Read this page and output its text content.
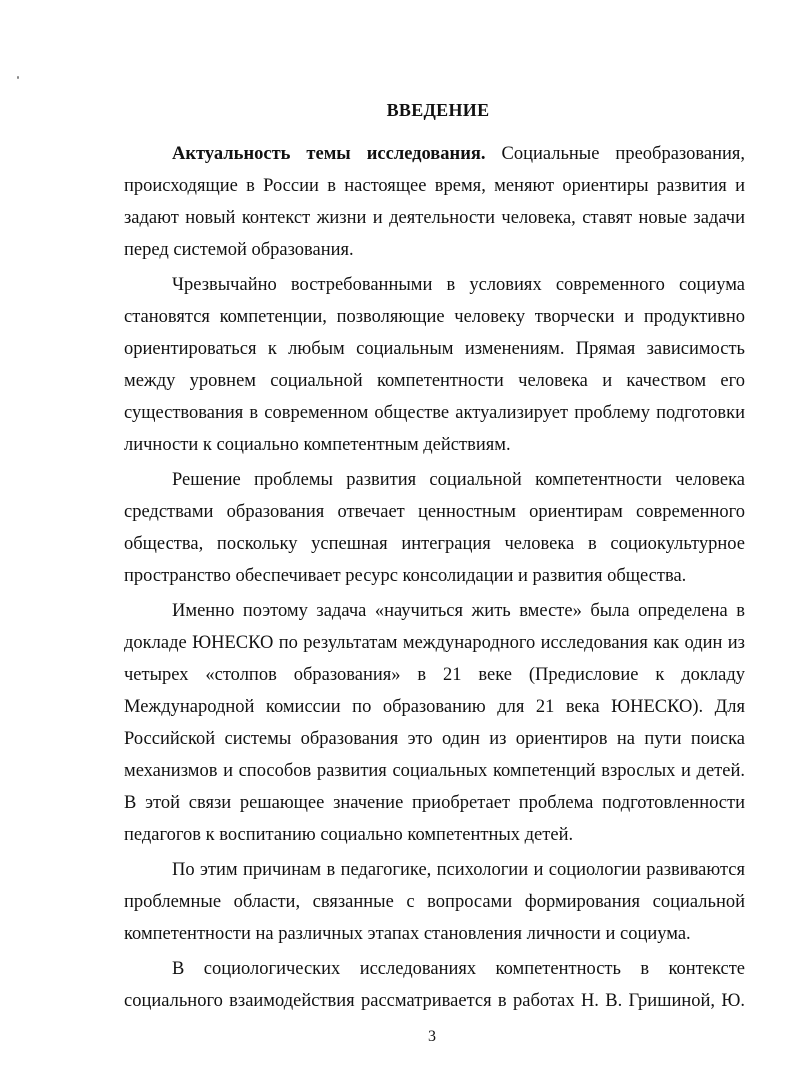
ВВЕДЕНИЕ

Актуальность темы исследования. Социальные преобразования, происходящие в России в настоящее время, меняют ориентиры развития и задают новый контекст жизни и деятельности человека, ставят новые задачи перед системой образования.

Чрезвычайно востребованными в условиях современного социума становятся компетенции, позволяющие человеку творчески и продуктивно ориентироваться к любым социальным изменениям. Прямая зависимость между уровнем социальной компетентности человека и качеством его существования в современном обществе актуализирует проблему подготовки личности к социально компетентным действиям.

Решение проблемы развития социальной компетентности человека средствами образования отвечает ценностным ориентирам современного общества, поскольку успешная интеграция человека в социокультурное пространство обеспечивает ресурс консолидации и развития общества.

Именно поэтому задача «научиться жить вместе» была определена в докладе ЮНЕСКО по результатам международного исследования как один из четырех «столпов образования» в 21 веке (Предисловие к докладу Международной комиссии по образованию для 21 века ЮНЕСКО). Для Российской системы образования это один из ориентиров на пути поиска механизмов и способов развития социальных компетенций взрослых и детей. В этой связи решающее значение приобретает проблема подготовленности педагогов к воспитанию социально компетентных детей.

По этим причинам в педагогике, психологии и социологии развиваются проблемные области, связанные с вопросами формирования социальной компетентности на различных этапах становления личности и социума.

В социологических исследованиях компетентность в контексте социального взаимодействия рассматривается в работах Н. В. Гришиной, Ю.

3
